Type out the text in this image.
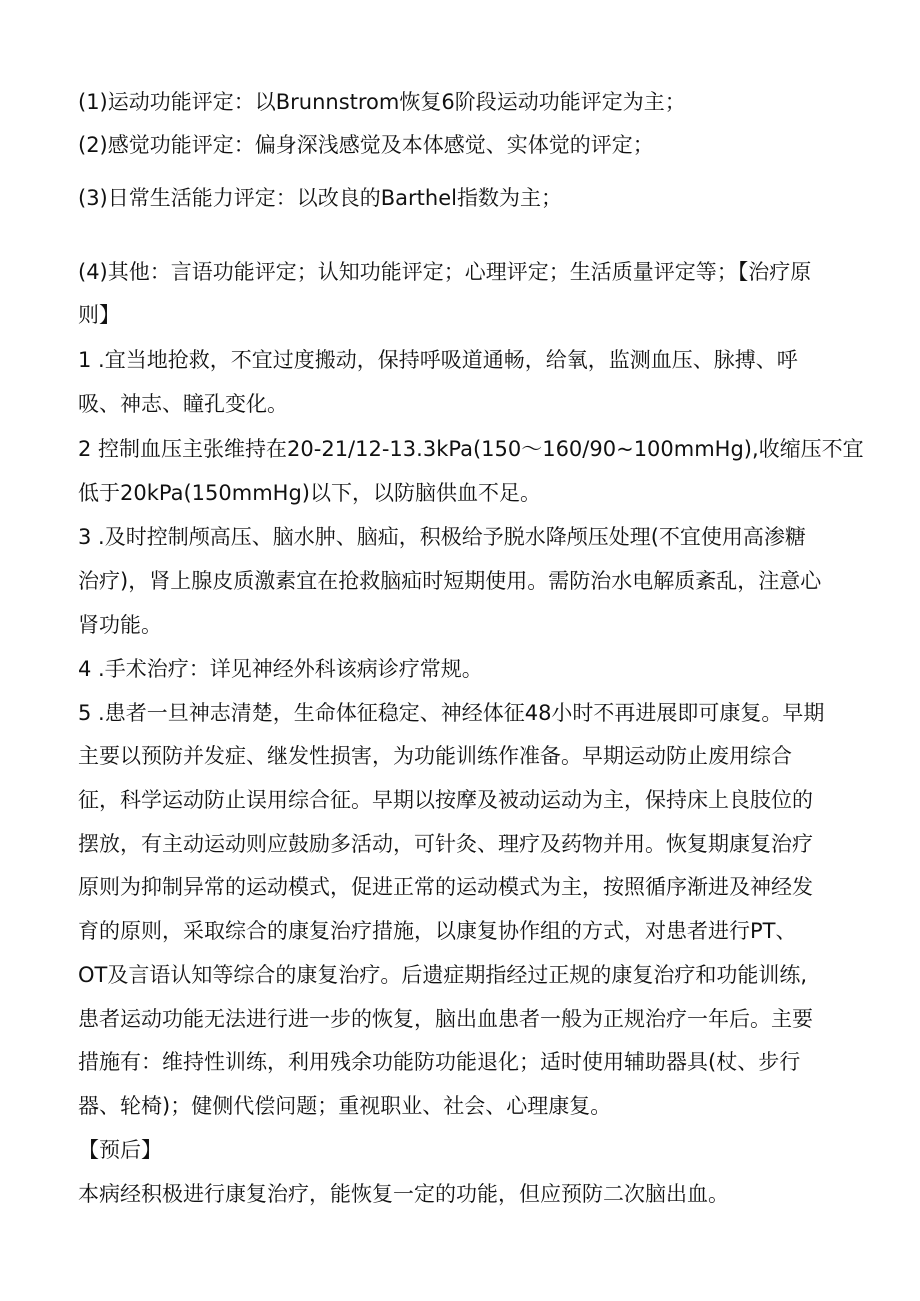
(1)运动功能评定：以Brunnstrom恢复6阶段运动功能评定为主；
(2)感觉功能评定：偏身深浅感觉及本体感觉、实体觉的评定；
(3)日常生活能力评定：以改良的Barthel指数为主；
(4)其他：言语功能评定；认知功能评定；心理评定；生活质量评定等；【治疗原
则】
1 .宜当地抢救，不宜过度搬动，保持呼吸道通畅，给氧，监测血压、脉搏、呼
吸、神志、瞳孔变化。
2 控制血压主张维持在20-21/12-13.3kPa(150～160/90~100mmHg),收缩压不宜
低于20kPa(150mmHg)以下，以防脑供血不足。
3 .及时控制颅高压、脑水肿、脑疝，积极给予脱水降颅压处理(不宜使用高渗糖
治疗)，肾上腺皮质激素宜在抢救脑疝时短期使用。需防治水电解质紊乱，注意心
肾功能。
4 .手术治疗：详见神经外科该病诊疗常规。
5 .患者一旦神志清楚，生命体征稳定、神经体征48小时不再进展即可康复。早期
主要以预防并发症、继发性损害，为功能训练作准备。早期运动防止废用综合
征，科学运动防止误用综合征。早期以按摩及被动运动为主，保持床上良肢位的
摆放，有主动运动则应鼓励多活动，可针灸、理疗及药物并用。恢复期康复治疗
原则为抑制异常的运动模式，促进正常的运动模式为主，按照循序渐进及神经发
育的原则，采取综合的康复治疗措施，以康复协作组的方式，对患者进行PT、
OT及言语认知等综合的康复治疗。后遗症期指经过正规的康复治疗和功能训练,
患者运动功能无法进行进一步的恢复，脑出血患者一般为正规治疗一年后。主要
措施有：维持性训练，利用残余功能防功能退化；适时使用辅助器具(杖、步行
器、轮椅)；健侧代偿问题；重视职业、社会、心理康复。
【预后】
本病经积极进行康复治疗，能恢复一定的功能，但应预防二次脑出血。
